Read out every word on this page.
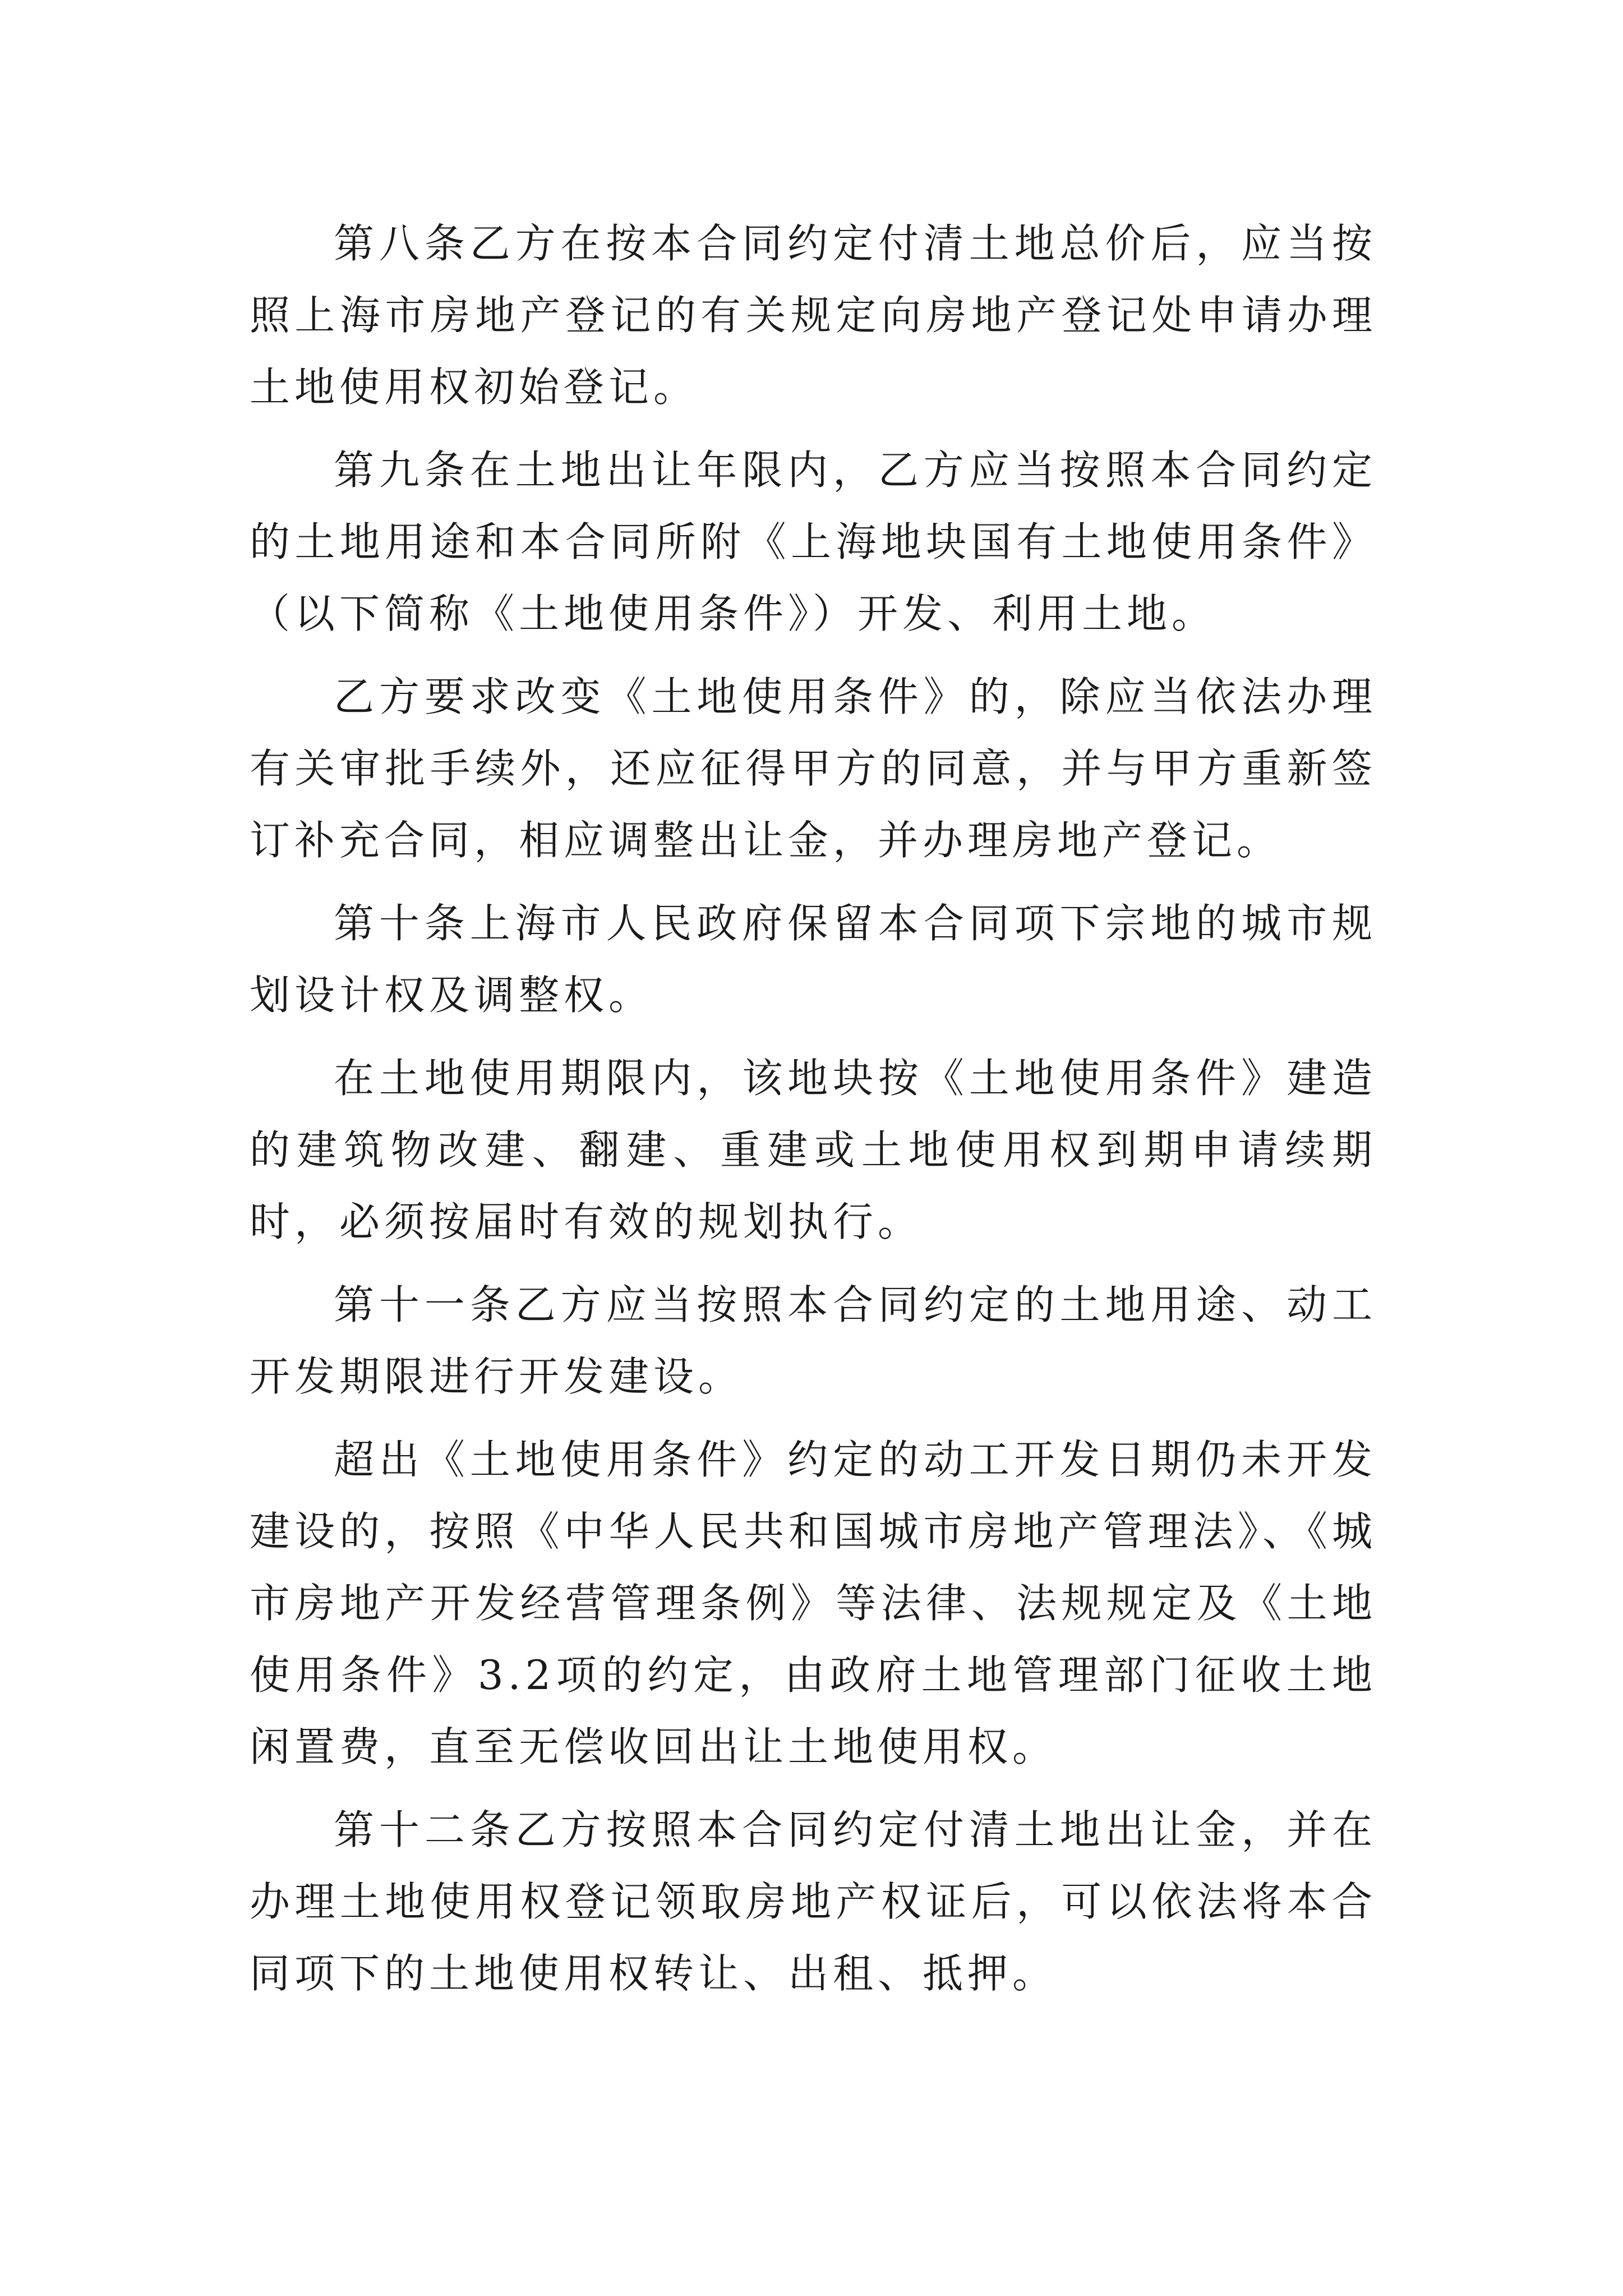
第八条乙方在按本合同约定付清土地总价后，应当按照上海市房地产登记的有关规定向房地产登记处申请办理土地使用权初始登记。

第九条在土地出让年限内，乙方应当按照本合同约定的土地用途和本合同所附《上海地块国有土地使用条件》（以下简称《土地使用条件》）开发、利用土地。

乙方要求改变《土地使用条件》的，除应当依法办理有关审批手续外，还应征得甲方的同意，并与甲方重新签订补充合同，相应调整出让金，并办理房地产登记。

第十条上海市人民政府保留本合同项下宗地的城市规划设计权及调整权。

在土地使用期限内，该地块按《土地使用条件》建造的建筑物改建、翻建、重建或土地使用权到期申请续期时，必须按届时有效的规划执行。

第十一条乙方应当按照本合同约定的土地用途、动工开发期限进行开发建设。

超出《土地使用条件》约定的动工开发日期仍未开发建设的，按照《中华人民共和国城市房地产管理法》、《城市房地产开发经营管理条例》等法律、法规规定及《土地使用条件》3.2项的约定，由政府土地管理部门征收土地闲置费，直至无偿收回出让土地使用权。

第十二条乙方按照本合同约定付清土地出让金，并在办理土地使用权登记领取房地产权证后，可以依法将本合同项下的土地使用权转让、出租、抵押。
